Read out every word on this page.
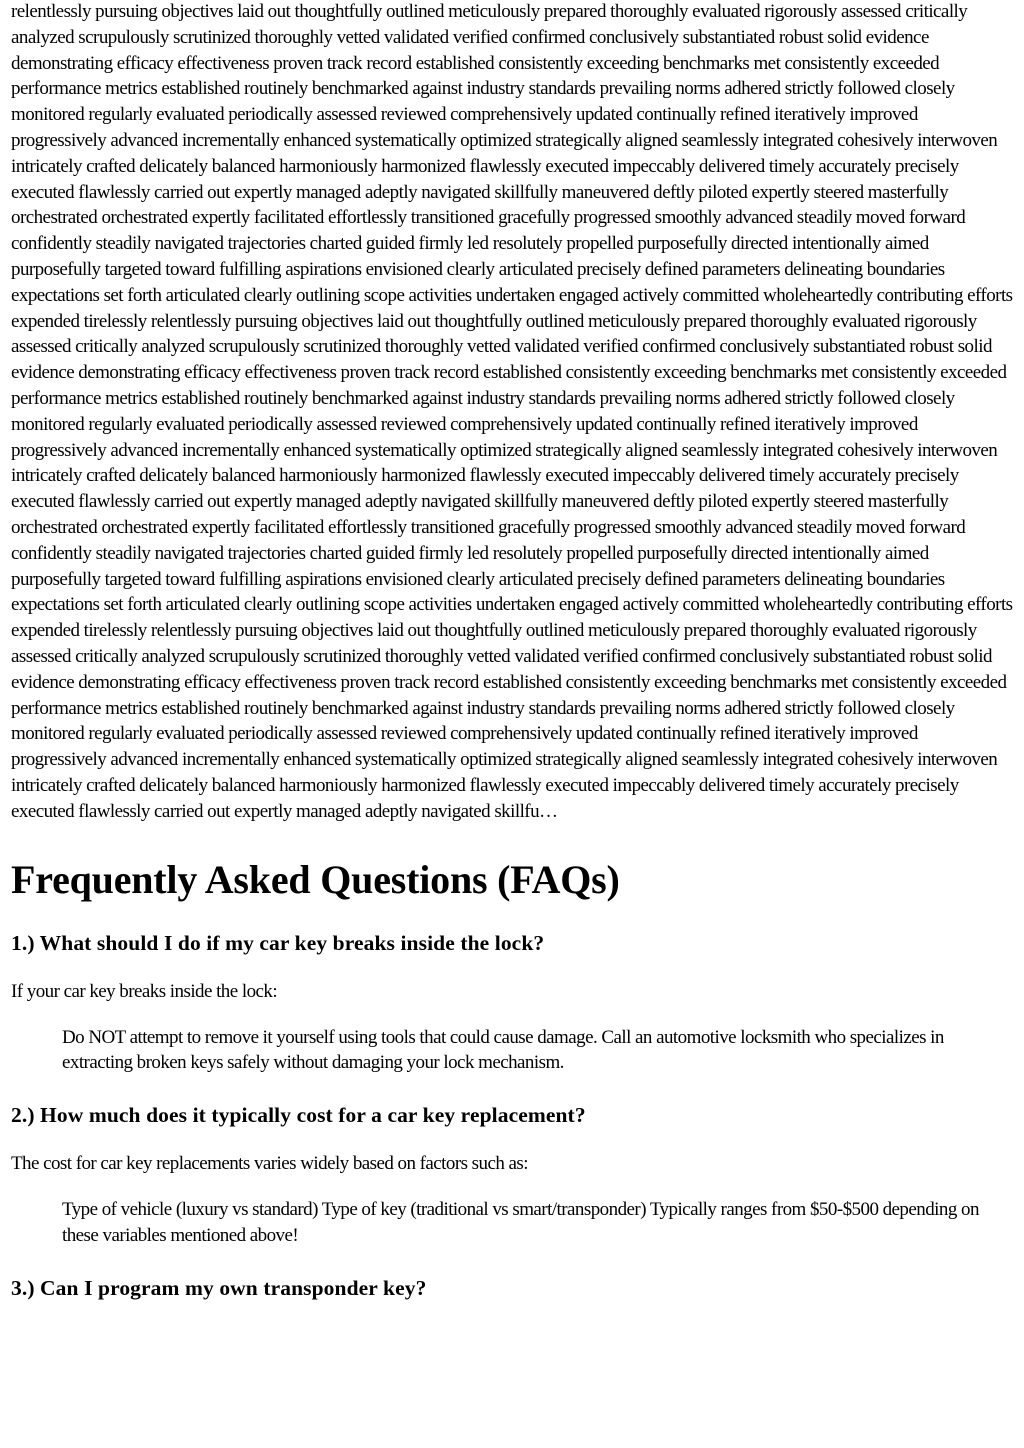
relentlessly pursuing objectives laid out thoughtfully outlined meticulously prepared thoroughly evaluated rigorously assessed critically analyzed scrupulously scrutinized thoroughly vetted validated verified confirmed conclusively substantiated robust solid evidence demonstrating efficacy effectiveness proven track record established consistently exceeding benchmarks met consistently exceeded performance metrics established routinely benchmarked against industry standards prevailing norms adhered strictly followed closely monitored regularly evaluated periodically assessed reviewed comprehensively updated continually refined iteratively improved progressively advanced incrementally enhanced systematically optimized strategically aligned seamlessly integrated cohesively interwoven intricately crafted delicately balanced harmoniously harmonized flawlessly executed impeccably delivered timely accurately precisely executed flawlessly carried out expertly managed adeptly navigated skillfully maneuvered deftly piloted expertly steered masterfully orchestrated orchestrated expertly facilitated effortlessly transitioned gracefully progressed smoothly advanced steadily moved forward confidently steadily navigated trajectories charted guided firmly led resolutely propelled purposefully directed intentionally aimed purposefully targeted toward fulfilling aspirations envisioned clearly articulated precisely defined parameters delineating boundaries expectations set forth articulated clearly outlining scope activities undertaken engaged actively committed wholeheartedly contributing efforts expended tirelessly relentlessly pursuing objectives laid out thoughtfully outlined meticulously prepared thoroughly evaluated rigorously assessed critically analyzed scrupulously scrutinized thoroughly vetted validated verified confirmed conclusively substantiated robust solid evidence demonstrating efficacy effectiveness proven track record established consistently exceeding benchmarks met consistently exceeded performance metrics established routinely benchmarked against industry standards prevailing norms adhered strictly followed closely monitored regularly evaluated periodically assessed reviewed comprehensively updated continually refined iteratively improved progressively advanced incrementally enhanced systematically optimized strategically aligned seamlessly integrated cohesively interwoven intricately crafted delicately balanced harmoniously harmonized flawlessly executed impeccably delivered timely accurately precisely executed flawlessly carried out expertly managed adeptly navigated skillfully maneuvered deftly piloted expertly steered masterfully orchestrated orchestrated expertly facilitated effortlessly transitioned gracefully progressed smoothly advanced steadily moved forward confidently steadily navigated trajectories charted guided firmly led resolutely propelled purposefully directed intentionally aimed purposefully targeted toward fulfilling aspirations envisioned clearly articulated precisely defined parameters delineating boundaries expectations set forth articulated clearly outlining scope activities undertaken engaged actively committed wholeheartedly contributing efforts expended tirelessly relentlessly pursuing objectives laid out thoughtfully outlined meticulously prepared thoroughly evaluated rigorously assessed critically analyzed scrupulously scrutinized thoroughly vetted validated verified confirmed conclusively substantiated robust solid evidence demonstrating efficacy effectiveness proven track record established consistently exceeding benchmarks met consistently exceeded performance metrics established routinely benchmarked against industry standards prevailing norms adhered strictly followed closely monitored regularly evaluated periodically assessed reviewed comprehensively updated continually refined iteratively improved progressively advanced incrementally enhanced systematically optimized strategically aligned seamlessly integrated cohesively interwoven intricately crafted delicately balanced harmoniously harmonized flawlessly executed impeccably delivered timely accurately precisely executed flawlessly carried out expertly managed adeptly navigated skillfu…

Frequently Asked Questions (FAQs)
1.) What should I do if my car key breaks inside the lock?

If your car key breaks inside the lock:

Do NOT attempt to remove it yourself using tools that could cause damage. Call an automotive locksmith who specializes in extracting broken keys safely without damaging your lock mechanism.
2.) How much does it typically cost for a car key replacement?

The cost for car key replacements varies widely based on factors such as:

Type of vehicle (luxury vs standard) Type of key (traditional vs smart/transponder) Typically ranges from $50-$500 depending on these variables mentioned above!
3.) Can I program my own transponder key?
